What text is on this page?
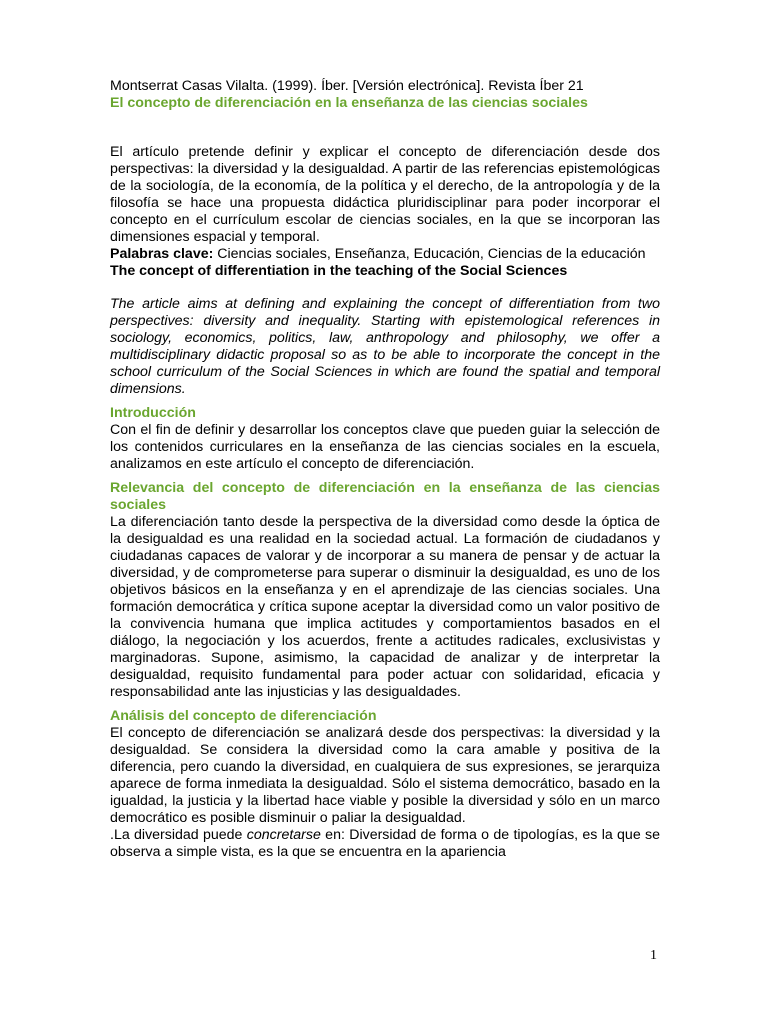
Montserrat Casas Vilalta. (1999). Íber. [Versión electrónica]. Revista Íber 21
El concepto de diferenciación en la enseñanza de las ciencias sociales

El artículo pretende definir y explicar el concepto de diferenciación desde dos perspectivas: la diversidad y la desigualdad. A partir de las referencias epistemológicas de la sociología, de la economía, de la política y el derecho, de la antropología y de la filosofía se hace una propuesta didáctica pluridisciplinar para poder incorporar el concepto en el currículum escolar de ciencias sociales, en la que se incorporan las dimensiones espacial y temporal.

Palabras clave: Ciencias sociales, Enseñanza, Educación, Ciencias de la educación

The concept of differentiation in the teaching of the Social Sciences

The article aims at defining and explaining the concept of differentiation from two perspectives: diversity and inequality. Starting with epistemological references in sociology, economics, politics, law, anthropology and philosophy, we offer a multidisciplinary didactic proposal so as to be able to incorporate the concept in the school curriculum of the Social Sciences in which are found the spatial and temporal dimensions.

Introducción

Con el fin de definir y desarrollar los conceptos clave que pueden guiar la selección de los contenidos curriculares en la enseñanza de las ciencias sociales en la escuela, analizamos en este artículo el concepto de diferenciación.

Relevancia del concepto de diferenciación en la enseñanza de las ciencias sociales

La diferenciación tanto desde la perspectiva de la diversidad como desde la óptica de la desigualdad es una realidad en la sociedad actual. La formación de ciudadanos y ciudadanas capaces de valorar y de incorporar a su manera de pensar y de actuar la diversidad, y de comprometerse para superar o disminuir la desigualdad, es uno de los objetivos básicos en la enseñanza y en el aprendizaje de las ciencias sociales. Una formación democrática y crítica supone aceptar la diversidad como un valor positivo de la convivencia humana que implica actitudes y comportamientos basados en el diálogo, la negociación y los acuerdos, frente a actitudes radicales, exclusivistas y marginadoras. Supone, asimismo, la capacidad de analizar y de interpretar la desigualdad, requisito fundamental para poder actuar con solidaridad, eficacia y responsabilidad ante las injusticias y las desigualdades.

Análisis del concepto de diferenciación

El concepto de diferenciación se analizará desde dos perspectivas: la diversidad y la desigualdad. Se considera la diversidad como la cara amable y positiva de la diferencia, pero cuando la diversidad, en cualquiera de sus expresiones, se jerarquiza aparece de forma inmediata la desigualdad. Sólo el sistema democrático, basado en la igualdad, la justicia y la libertad hace viable y posible la diversidad y sólo en un marco democrático es posible disminuir o paliar la desigualdad.

.La diversidad puede concretarse en: Diversidad de forma o de tipologías, es la que se observa a simple vista, es la que se encuentra en la apariencia

1
